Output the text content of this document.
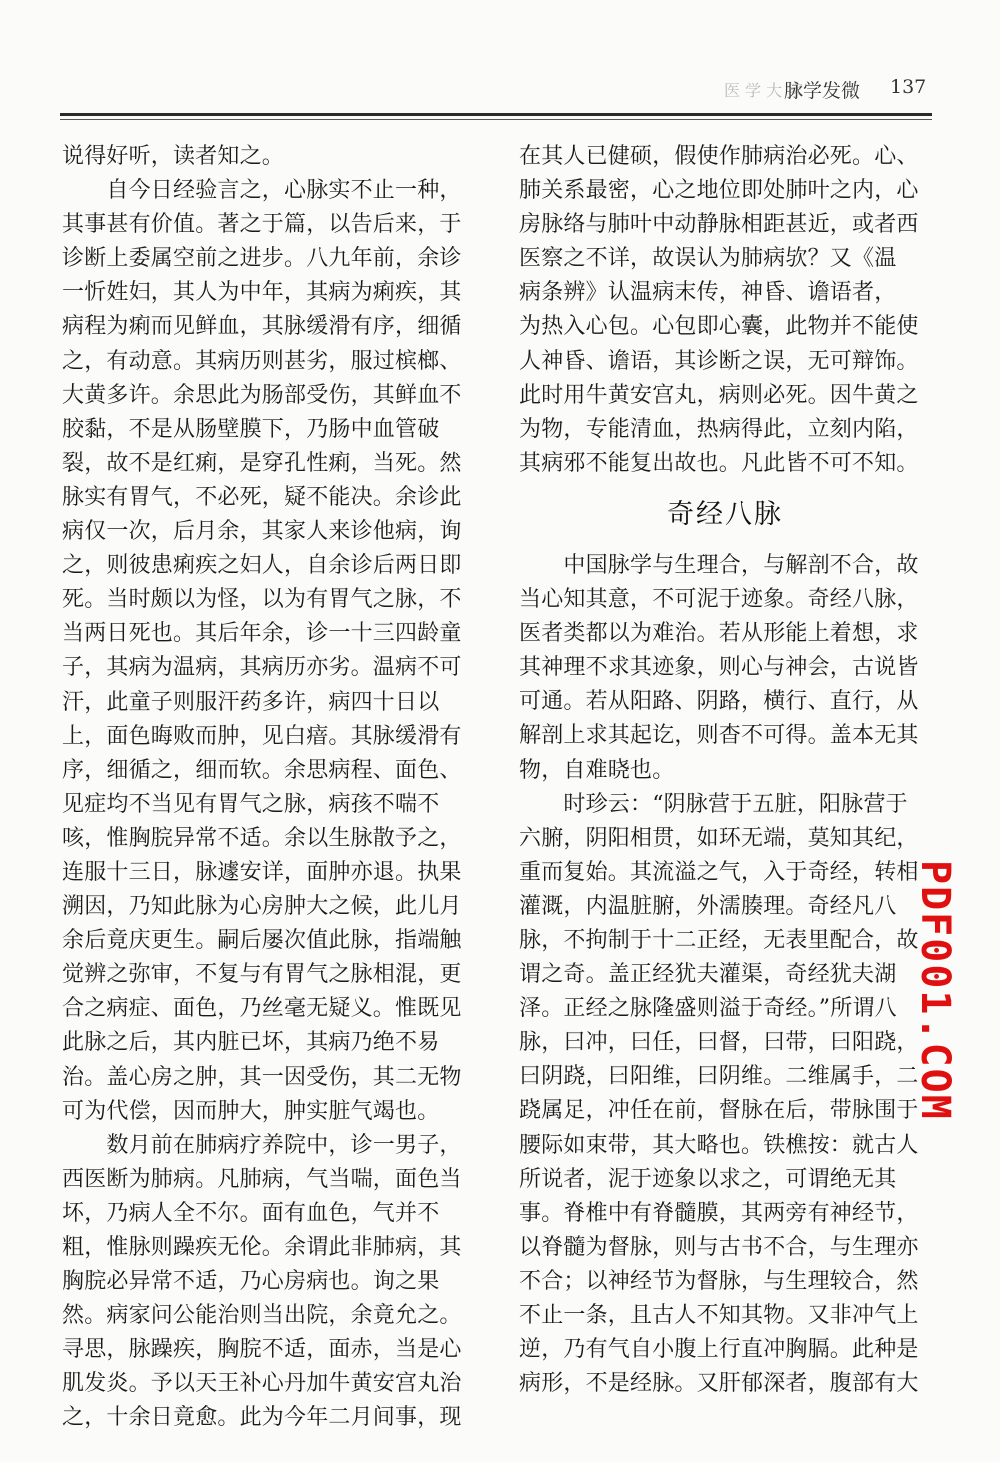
医 学 大 家
脉学发微 137
说得好听，读者知之。
　　自今日经验言之，心脉实不止一种，
其事甚有价值。著之于篇，以告后来，于
诊断上委属空前之进步。八九年前，余诊
一忻姓妇，其人为中年，其病为痢疾，其
病程为痢而见鲜血，其脉缓滑有序，细循
之，有动意。其病历则甚劣，服过槟榔、
大黄多许。余思此为肠部受伤，其鲜血不
胶黏，不是从肠壁膜下，乃肠中血管破
裂，故不是红痢，是穿孔性痢，当死。然
脉实有胃气，不必死，疑不能决。余诊此
病仅一次，后月余，其家人来诊他病，询
之，则彼患痢疾之妇人，自余诊后两日即
死。当时颇以为怪，以为有胃气之脉，不
当两日死也。其后年余，诊一十三四龄童
子，其病为温病，其病历亦劣。温病不可
汗，此童子则服汗药多许，病四十日以
上，面色晦败而肿，见白瘖。其脉缓滑有
序，细循之，细而软。余思病程、面色、
见症均不当见有胃气之脉，病孩不喘不
咳，惟胸脘异常不适。余以生脉散予之，
连服十三日，脉遽安详，面肿亦退。执果
溯因，乃知此脉为心房肿大之候，此儿月
余后竟庆更生。嗣后屡次值此脉，指端触
觉辨之弥审，不复与有胃气之脉相混，更
合之病症、面色，乃丝毫无疑义。惟既见
此脉之后，其内脏已坏，其病乃绝不易
治。盖心房之肿，其一因受伤，其二无物
可为代偿，因而肿大，肿实脏气竭也。
　　数月前在肺病疗养院中，诊一男子，
西医断为肺病。凡肺病，气当喘，面色当
坏，乃病人全不尔。面有血色，气并不
粗，惟脉则躁疾无伦。余谓此非肺病，其
胸脘必异常不适，乃心房病也。询之果
然。病家问公能治则当出院，余竟允之。
寻思，脉躁疾，胸脘不适，面赤，当是心
肌发炎。予以天王补心丹加牛黄安宫丸治
之，十余日竟愈。此为今年二月间事，现
在其人已健硕，假使作肺病治必死。心、
肺关系最密，心之地位即处肺叶之内，心
房脉络与肺叶中动静脉相距甚近，或者西
医察之不详，故误认为肺病欤？又《温
病条辨》认温病末传，神昏、谵语者，
为热入心包。心包即心囊，此物并不能使
人神昏、谵语，其诊断之误，无可辩饰。
此时用牛黄安宫丸，病则必死。因牛黄之
为物，专能清血，热病得此，立刻内陷，
其病邪不能复出故也。凡此皆不可不知。
奇经八脉
　　中国脉学与生理合，与解剖不合，故
当心知其意，不可泥于迹象。奇经八脉，
医者类都以为难治。若从形能上着想，求
其神理不求其迹象，则心与神会，古说皆
可通。若从阳路、阴路，横行、直行，从
解剖上求其起讫，则杳不可得。盖本无其
物，自难晓也。
　　时珍云：“阴脉营于五脏，阳脉营于
六腑，阴阳相贯，如环无端，莫知其纪，
重而复始。其流溢之气，入于奇经，转相
灌溉，内温脏腑，外濡腠理。奇经凡八
脉，不拘制于十二正经，无表里配合，故
谓之奇。盖正经犹夫灌渠，奇经犹夫湖
泽。正经之脉隆盛则溢于奇经。”所谓八
脉，曰冲，曰任，曰督，曰带，曰阳跷，
曰阴跷，曰阳维，曰阴维。二维属手，二
跷属足，冲任在前，督脉在后，带脉围于
腰际如束带，其大略也。铁樵按：就古人
所说者，泥于迹象以求之，可谓绝无其
事。脊椎中有脊髓膜，其两旁有神经节，
以脊髓为督脉，则与古书不合，与生理亦
不合；以神经节为督脉，与生理较合，然
不止一条，且古人不知其物。又非冲气上
逆，乃有气自小腹上行直冲胸膈。此种是
病形，不是经脉。又肝郁深者，腹部有大
PDF001.COM
